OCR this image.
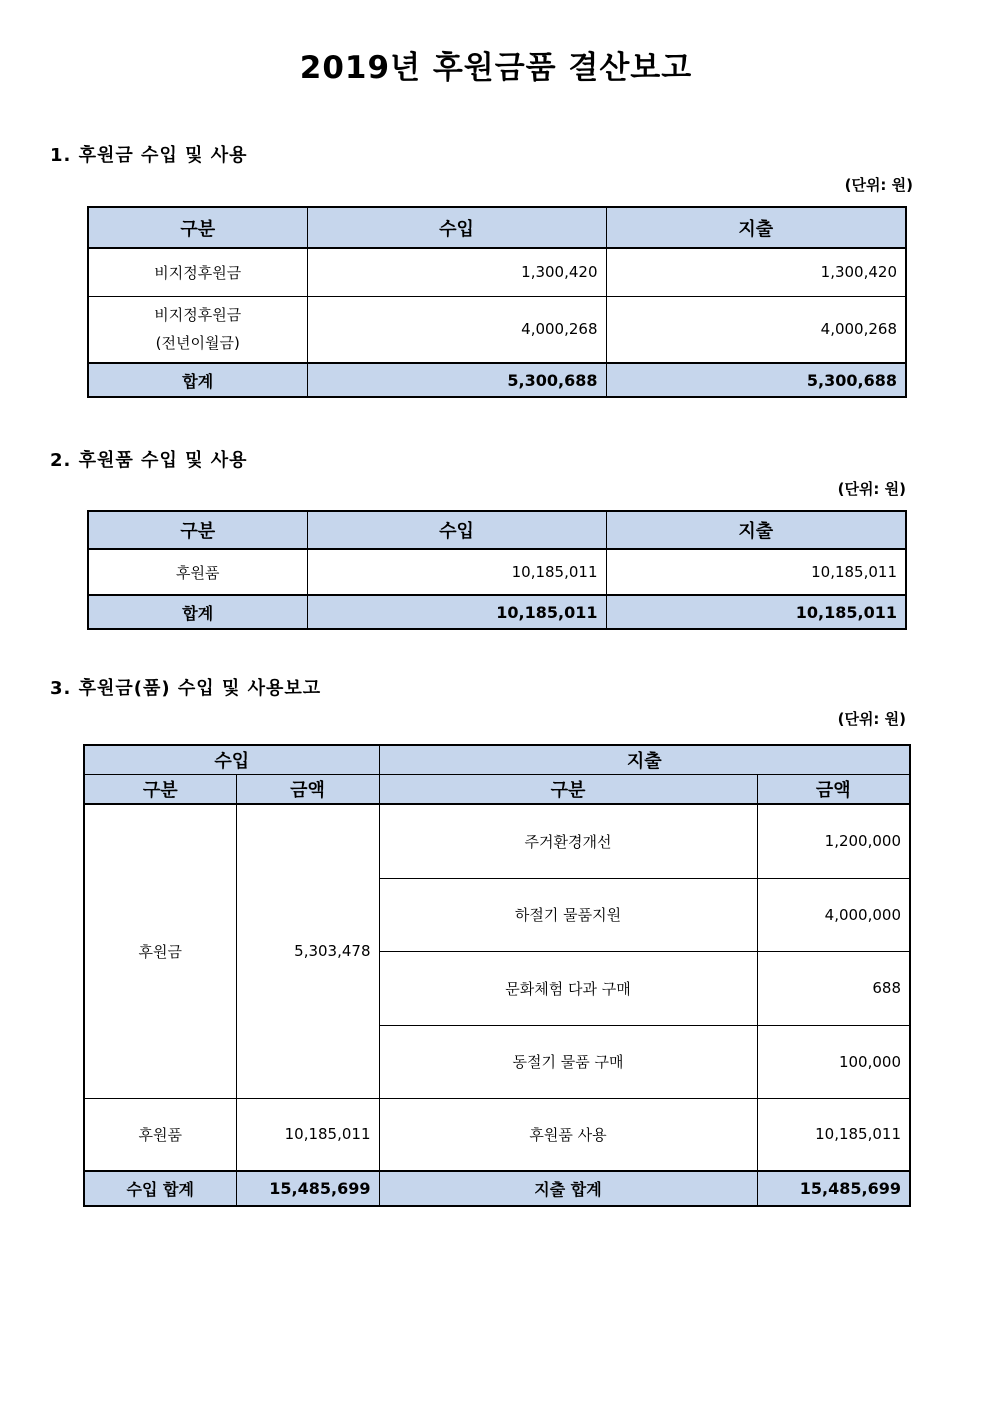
2019년 후원금품 결산보고
1. 후원금 수입 및 사용
(단위: 원)
구분	수입	지출
비지정후원금	1,300,420	1,300,420

비지정후원금
(전년이월금)	4,000,268	4,000,268
합계	5,300,688	5,300,688
2. 후원품 수입 및 사용
(단위: 원)
구분	수입	지출
후원품	10,185,011	10,185,011
합계	10,185,011	10,185,011
3. 후원금(품) 수입 및 사용보고
(단위: 원)
수입		지출	
구분	금액	구분	금액
후원금	5,303,478	주거환경개선	1,200,000
		하절기 물품지원	4,000,000
		문화체험 다과 구매	688
		동절기 물품 구매	100,000
후원품	10,185,011	후원품 사용	10,185,011
수입 합계	15,485,699	지출 합계	15,485,699
